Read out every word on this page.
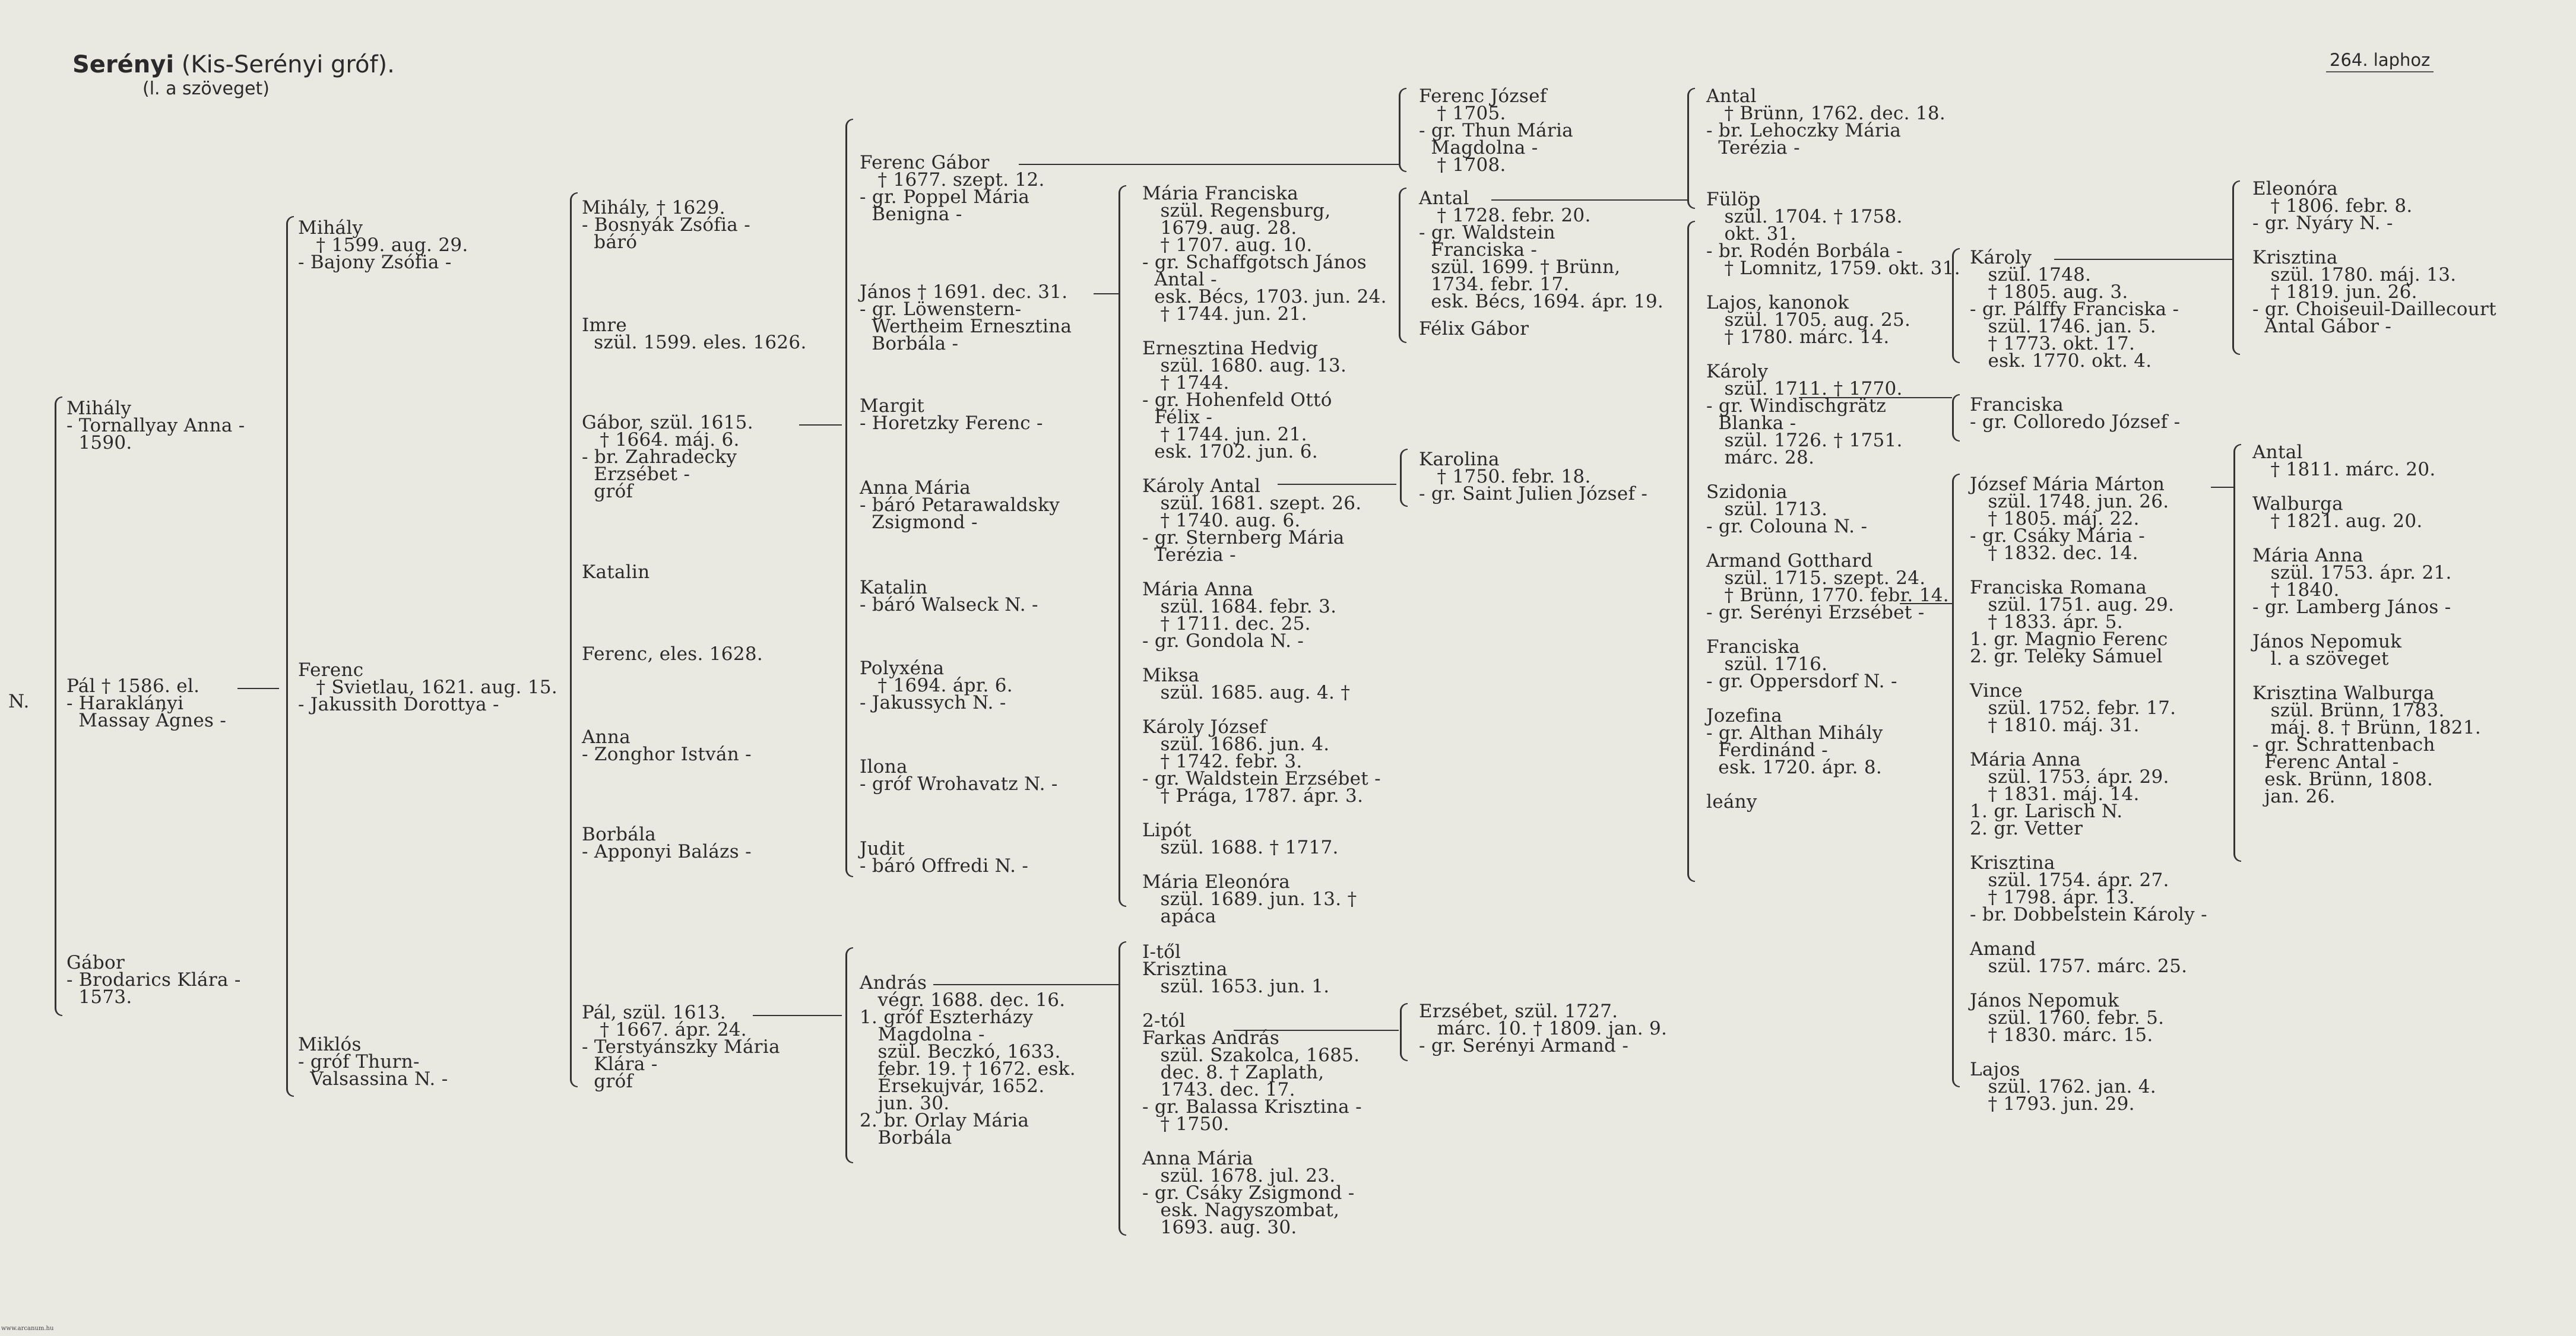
Serényi (Kis-Serényi gróf).
(l. a szöveget)
264. laphoz
N.
Mihály
- Tornallyay Anna -
1590.
Pál † 1586. el.
- Haraklányi
Massay Ágnes -
Gábor
- Brodarics Klára -
1573.
Mihály
† 1599. aug. 29.
- Bajony Zsófia -
Ferenc
† Svietlau, 1621. aug. 15.
- Jakussith Dorottya -
Miklós
- gróf Thurn-
Valsassina N. -
Mihály, † 1629.
- Bosnyák Zsófia -
báró
Imre
szül. 1599. eles. 1626.
Gábor, szül. 1615.
† 1664. máj. 6.
- br. Zahradecky
Erzsébet -
gróf
Katalin
Ferenc, eles. 1628.
Anna
- Zonghor István -
Borbála
- Apponyi Balázs -
Pál, szül. 1613.
† 1667. ápr. 24.
- Terstyánszky Mária
Klára -
gróf
Ferenc Gábor
† 1677. szept. 12.
- gr. Poppel Mária
Benigna -
János † 1691. dec. 31.
- gr. Löwenstern-
Wertheim Ernesztina
Borbála -
Margit
- Horetzky Ferenc -
Anna Mária
- báró Petarawaldsky
Zsigmond -
Katalin
- báró Walseck N. -
Polyxéna
† 1694. ápr. 6.
- Jakussych N. -
Ilona
- gróf Wrohavatz N. -
Judit
- báró Offredi N. -
András
végr. 1688. dec. 16.
1. gróf Eszterházy
Magdolna -
szül. Beczkó, 1633.
febr. 19. † 1672. esk.
Érsekujvár, 1652.
jun. 30.
2. br. Orlay Mária
Borbála
Mária Franciska
szül. Regensburg,
1679. aug. 28.
† 1707. aug. 10.
- gr. Schaffgotsch János
Antal -
esk. Bécs, 1703. jun. 24.
† 1744. jun. 21.

Ernesztina Hedvig
szül. 1680. aug. 13.
† 1744.
- gr. Hohenfeld Ottó
Félix -
† 1744. jun. 21.
esk. 1702. jun. 6.

Károly Antal
szül. 1681. szept. 26.
† 1740. aug. 6.
- gr. Sternberg Mária
Terézia -

Mária Anna
szül. 1684. febr. 3.
† 1711. dec. 25.
- gr. Gondola N. -

Miksa
szül. 1685. aug. 4. †

Károly József
szül. 1686. jun. 4.
† 1742. febr. 3.
- gr. Waldstein Erzsébet -
† Prága, 1787. ápr. 3.

Lipót
szül. 1688. † 1717.

Mária Eleonóra
szül. 1689. jun. 13. †
apáca
I-től
Krisztina
szül. 1653. jun. 1.

2-tól
Farkas András
szül. Szakolca, 1685.
dec. 8. † Zaplath,
1743. dec. 17.
- gr. Balassa Krisztina -
† 1750.

Anna Mária
szül. 1678. jul. 23.
- gr. Csáky Zsigmond -
esk. Nagyszombat,
1693. aug. 30.
Ferenc József
† 1705.
- gr. Thun Mária
Magdolna -
† 1708.
Antal
† 1728. febr. 20.
- gr. Waldstein
Franciska -
szül. 1699. † Brünn,
1734. febr. 17.
esk. Bécs, 1694. ápr. 19.
Félix Gábor
Karolina
† 1750. febr. 18.
- gr. Saint Julien József -
Erzsébet, szül. 1727.
márc. 10. † 1809. jan. 9.
- gr. Serényi Armand -
Antal
† Brünn, 1762. dec. 18.
- br. Lehoczky Mária
Terézia -

Fülöp
szül. 1704. † 1758.
okt. 31.
- br. Rodén Borbála -
† Lomnitz, 1759. okt. 31.

Lajos, kanonok
szül. 1705. aug. 25.
† 1780. márc. 14.

Károly
szül. 1711. † 1770.
- gr. Windischgrätz
Blanka -
szül. 1726. † 1751.
márc. 28.

Szidonia
szül. 1713.
- gr. Colouna N. -

Armand Gotthard
szül. 1715. szept. 24.
† Brünn, 1770. febr. 14.
- gr. Serényi Erzsébet -

Franciska
szül. 1716.
- gr. Oppersdorf N. -

Jozefina
- gr. Althan Mihály
Ferdinánd -
esk. 1720. ápr. 8.

leány
Károly
szül. 1748.
† 1805. aug. 3.
- gr. Pálffy Franciska -
szül. 1746. jan. 5.
† 1773. okt. 17.
esk. 1770. okt. 4.
Franciska
- gr. Colloredo József -
József Mária Márton
szül. 1748. jun. 26.
† 1805. máj. 22.
- gr. Csáky Mária -
† 1832. dec. 14.

Franciska Romana
szül. 1751. aug. 29.
† 1833. ápr. 5.
1. gr. Magnio Ferenc
2. gr. Teleky Sámuel

Vince
szül. 1752. febr. 17.
† 1810. máj. 31.

Mária Anna
szül. 1753. ápr. 29.
† 1831. máj. 14.
1. gr. Larisch N.
2. gr. Vetter

Krisztina
szül. 1754. ápr. 27.
† 1798. ápr. 13.
- br. Dobbelstein Károly -

Amand
szül. 1757. márc. 25.

János Nepomuk
szül. 1760. febr. 5.
† 1830. márc. 15.

Lajos
szül. 1762. jan. 4.
† 1793. jun. 29.
Eleonóra
† 1806. febr. 8.
- gr. Nyáry N. -

Krisztina
szül. 1780. máj. 13.
† 1819. jun. 26.
- gr. Choiseuil-Daillecourt
Antal Gábor -
Antal
† 1811. márc. 20.

Walburga
† 1821. aug. 20.

Mária Anna
szül. 1753. ápr. 21.
† 1840.
- gr. Lamberg János -

János Nepomuk
l. a szöveget

Krisztina Walburga
szül. Brünn, 1783.
máj. 8. † Brünn, 1821.
- gr. Schrattenbach
Ferenc Antal -
esk. Brünn, 1808.
jan. 26.
www.arcanum.hu
